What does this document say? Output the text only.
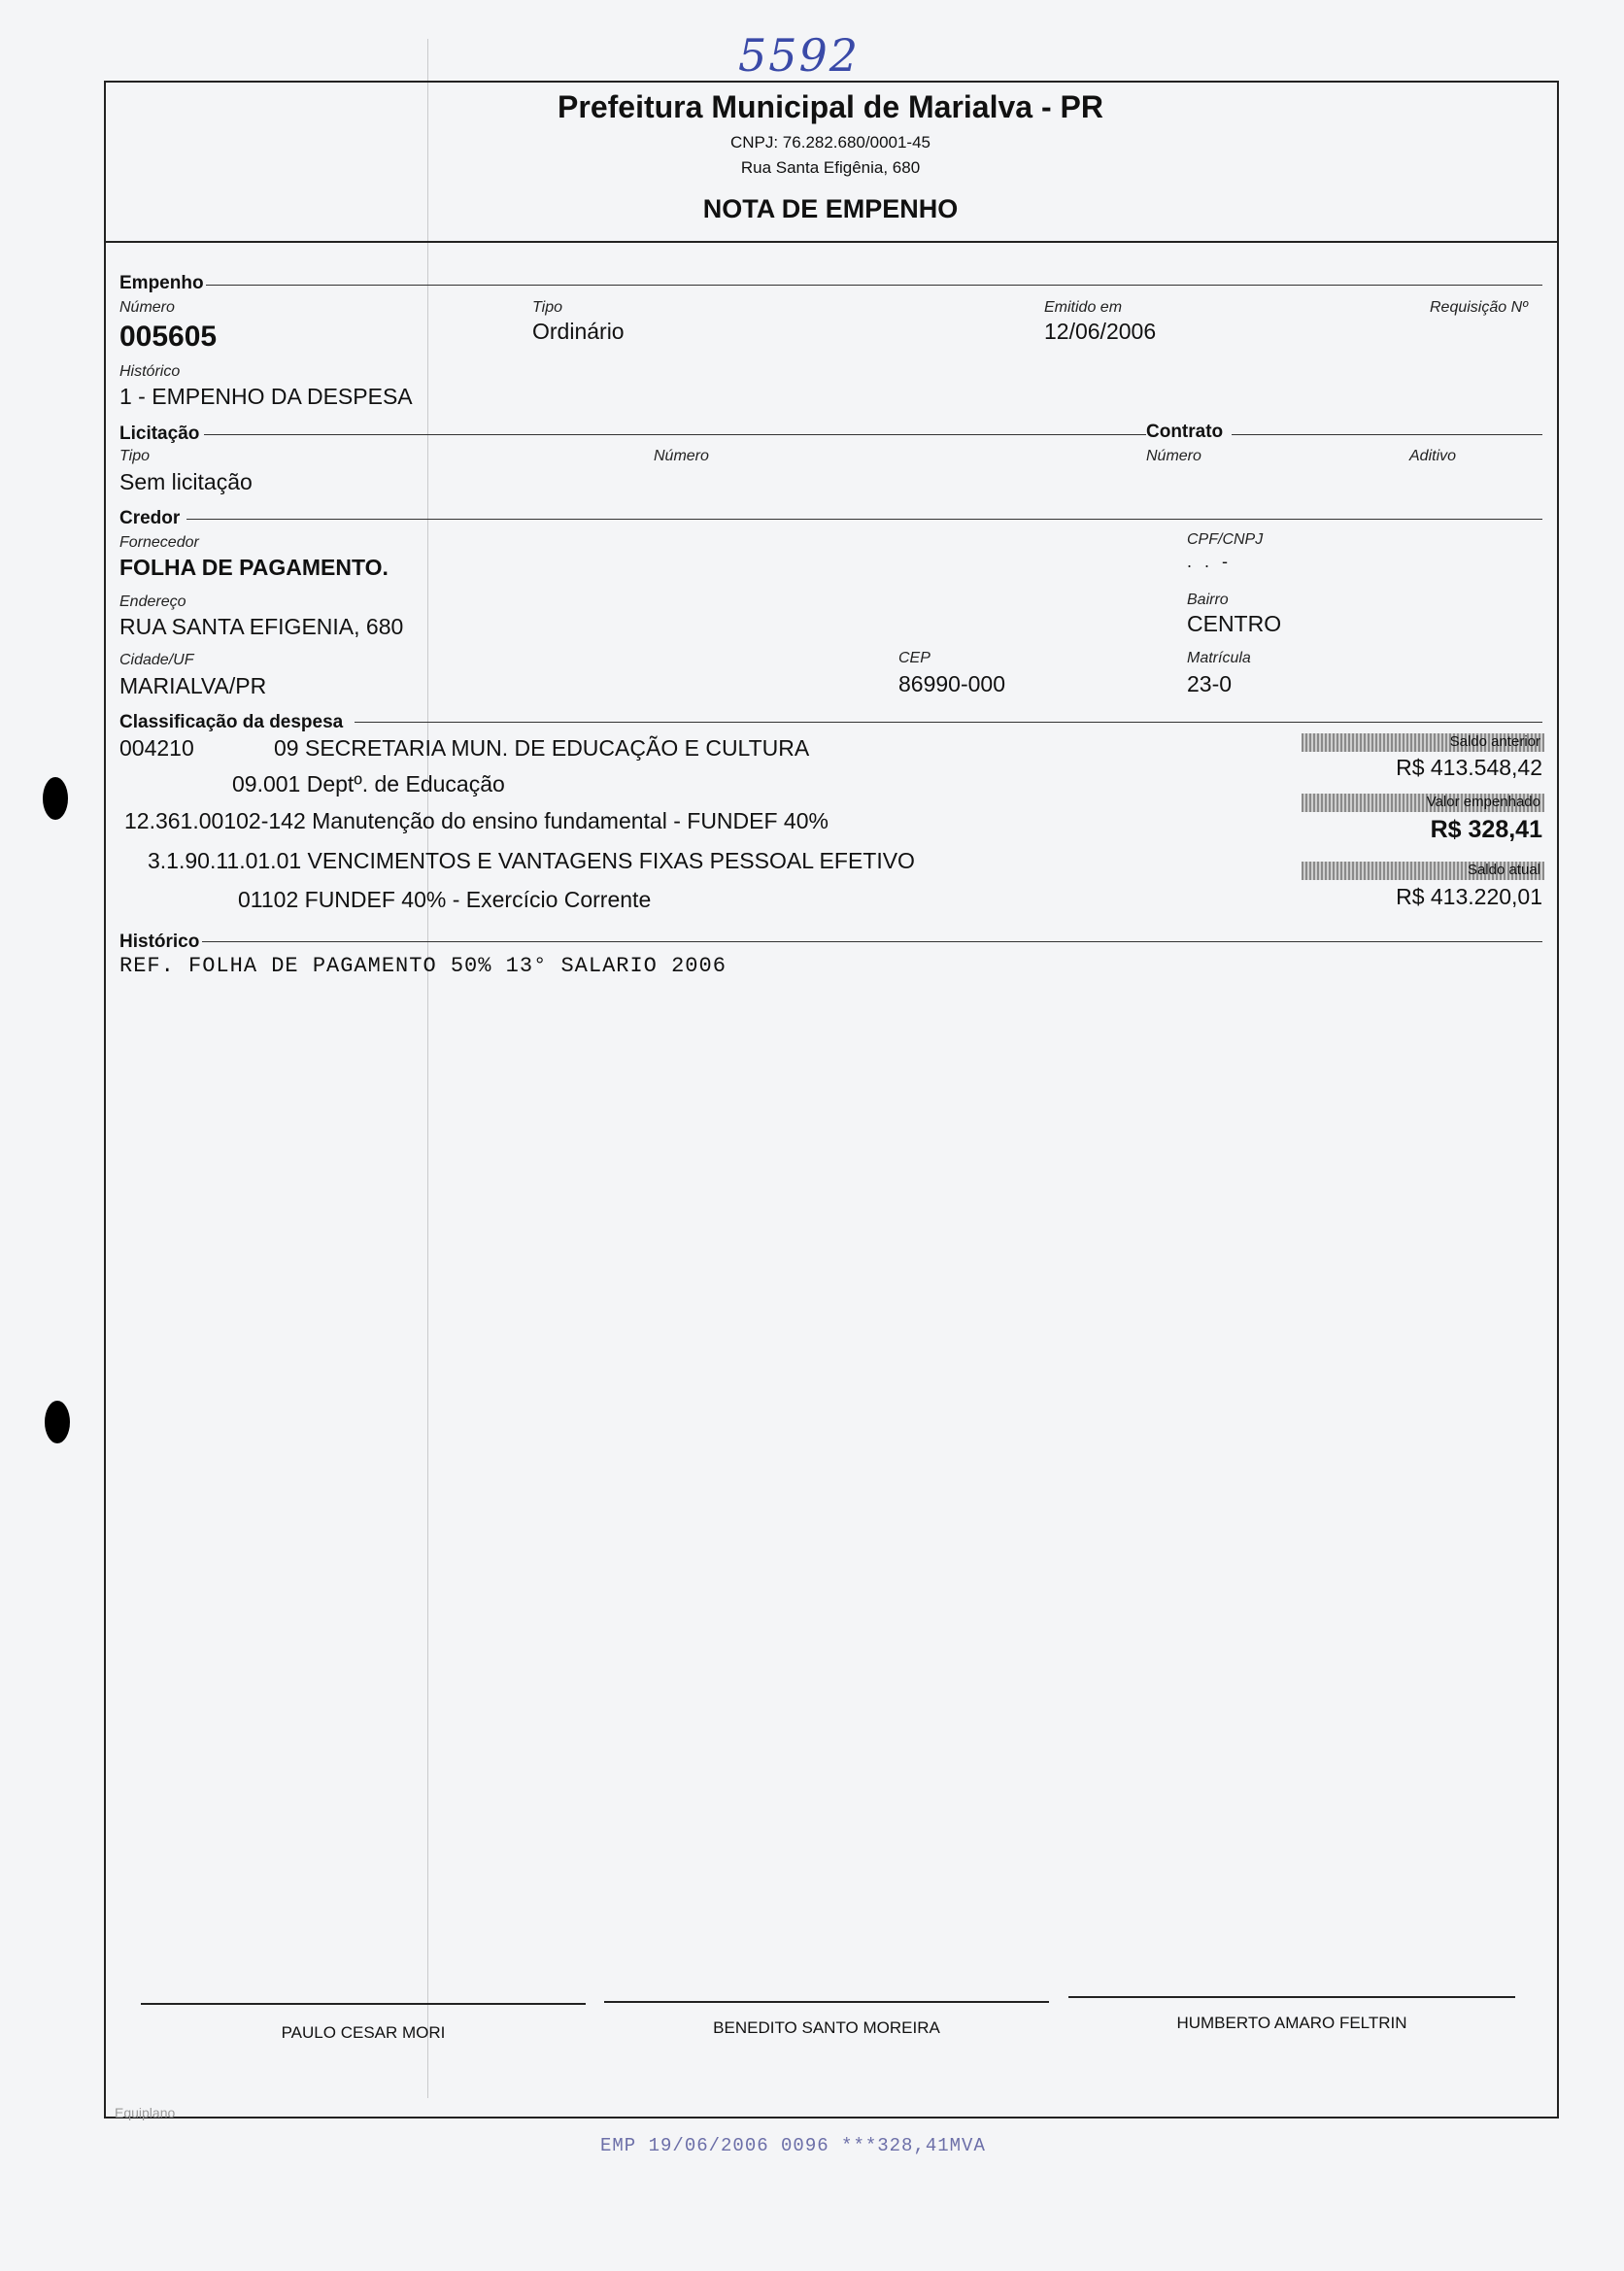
5592
Prefeitura Municipal de Marialva - PR
CNPJ: 76.282.680/0001-45
Rua Santa Efigênia, 680
NOTA DE EMPENHO
Empenho
Número
005605
Tipo
Ordinário
Emitido em
12/06/2006
Requisição Nº
Histórico
1 - EMPENHO DA DESPESA
Licitação	Contrato
Tipo
Sem licitação
Número	Número	Aditivo
Credor
Fornecedor
FOLHA DE PAGAMENTO.
CPF/CNPJ
. . -
Endereço
RUA SANTA EFIGENIA, 680
Bairro
CENTRO
Cidade/UF
MARIALVA/PR
CEP
86990-000
Matrícula
23-0
Classificação da despesa
004210	09 SECRETARIA MUN. DE EDUCAÇÃO E CULTURA
09.001 Deptº. de Educação
12.361.00102-142 Manutenção do ensino fundamental - FUNDEF 40%
3.1.90.11.01.01 VENCIMENTOS E VANTAGENS FIXAS PESSOAL EFETIVO
01102 FUNDEF 40% - Exercício Corrente
Saldo anterior
R$ 413.548,42
Valor empenhado
R$ 328,41
Saldo atual
R$ 413.220,01
Histórico
REF. FOLHA DE PAGAMENTO 50% 13° SALARIO 2006
PAULO CESAR MORI	BENEDITO SANTO MOREIRA	HUMBERTO AMARO FELTRIN
Equiplano
EMP 19/06/2006 0096 ***328,41MVA
